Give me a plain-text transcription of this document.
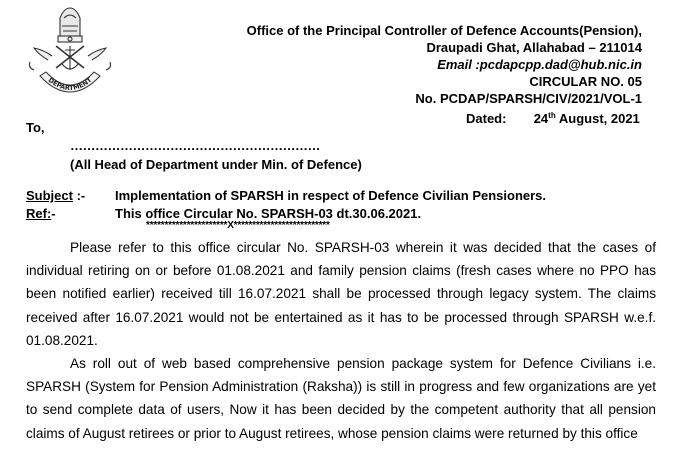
DEPARTMENT
Office of the Principal Controller of Defence Accounts(Pension),
Draupadi Ghat, Allahabad – 211014
Email :pcdapcpp.dad@hub.nic.in
CIRCULAR NO. 05
No. PCDAP/SPARSH/CIV/2021/VOL-1
Dated: 24th August, 2021
To,
……………………………………………………
(All Head of Department under Min. of Defence)
Subject :- Implementation of SPARSH in respect of Defence Civilian Pensioners.
Ref:-	This office Circular No. SPARSH-03 dt.30.06.2021.
**********************X**************************
Please refer to this office circular No. SPARSH-03 wherein it was decided that the cases of individual retiring on or before 01.08.2021 and family pension claims (fresh cases where no PPO has been notified earlier) received till 16.07.2021 shall be processed through legacy system. The claims received after 16.07.2021 would not be entertained as it has to be processed through SPARSH w.e.f. 01.08.2021.
As roll out of web based comprehensive pension package system for Defence Civilians i.e. SPARSH (System for Pension Administration (Raksha)) is still in progress and few organizations are yet to send complete data of users, Now it has been decided by the competent authority that all pension claims of August retirees or prior to August retirees, whose pension claims were returned by this office
